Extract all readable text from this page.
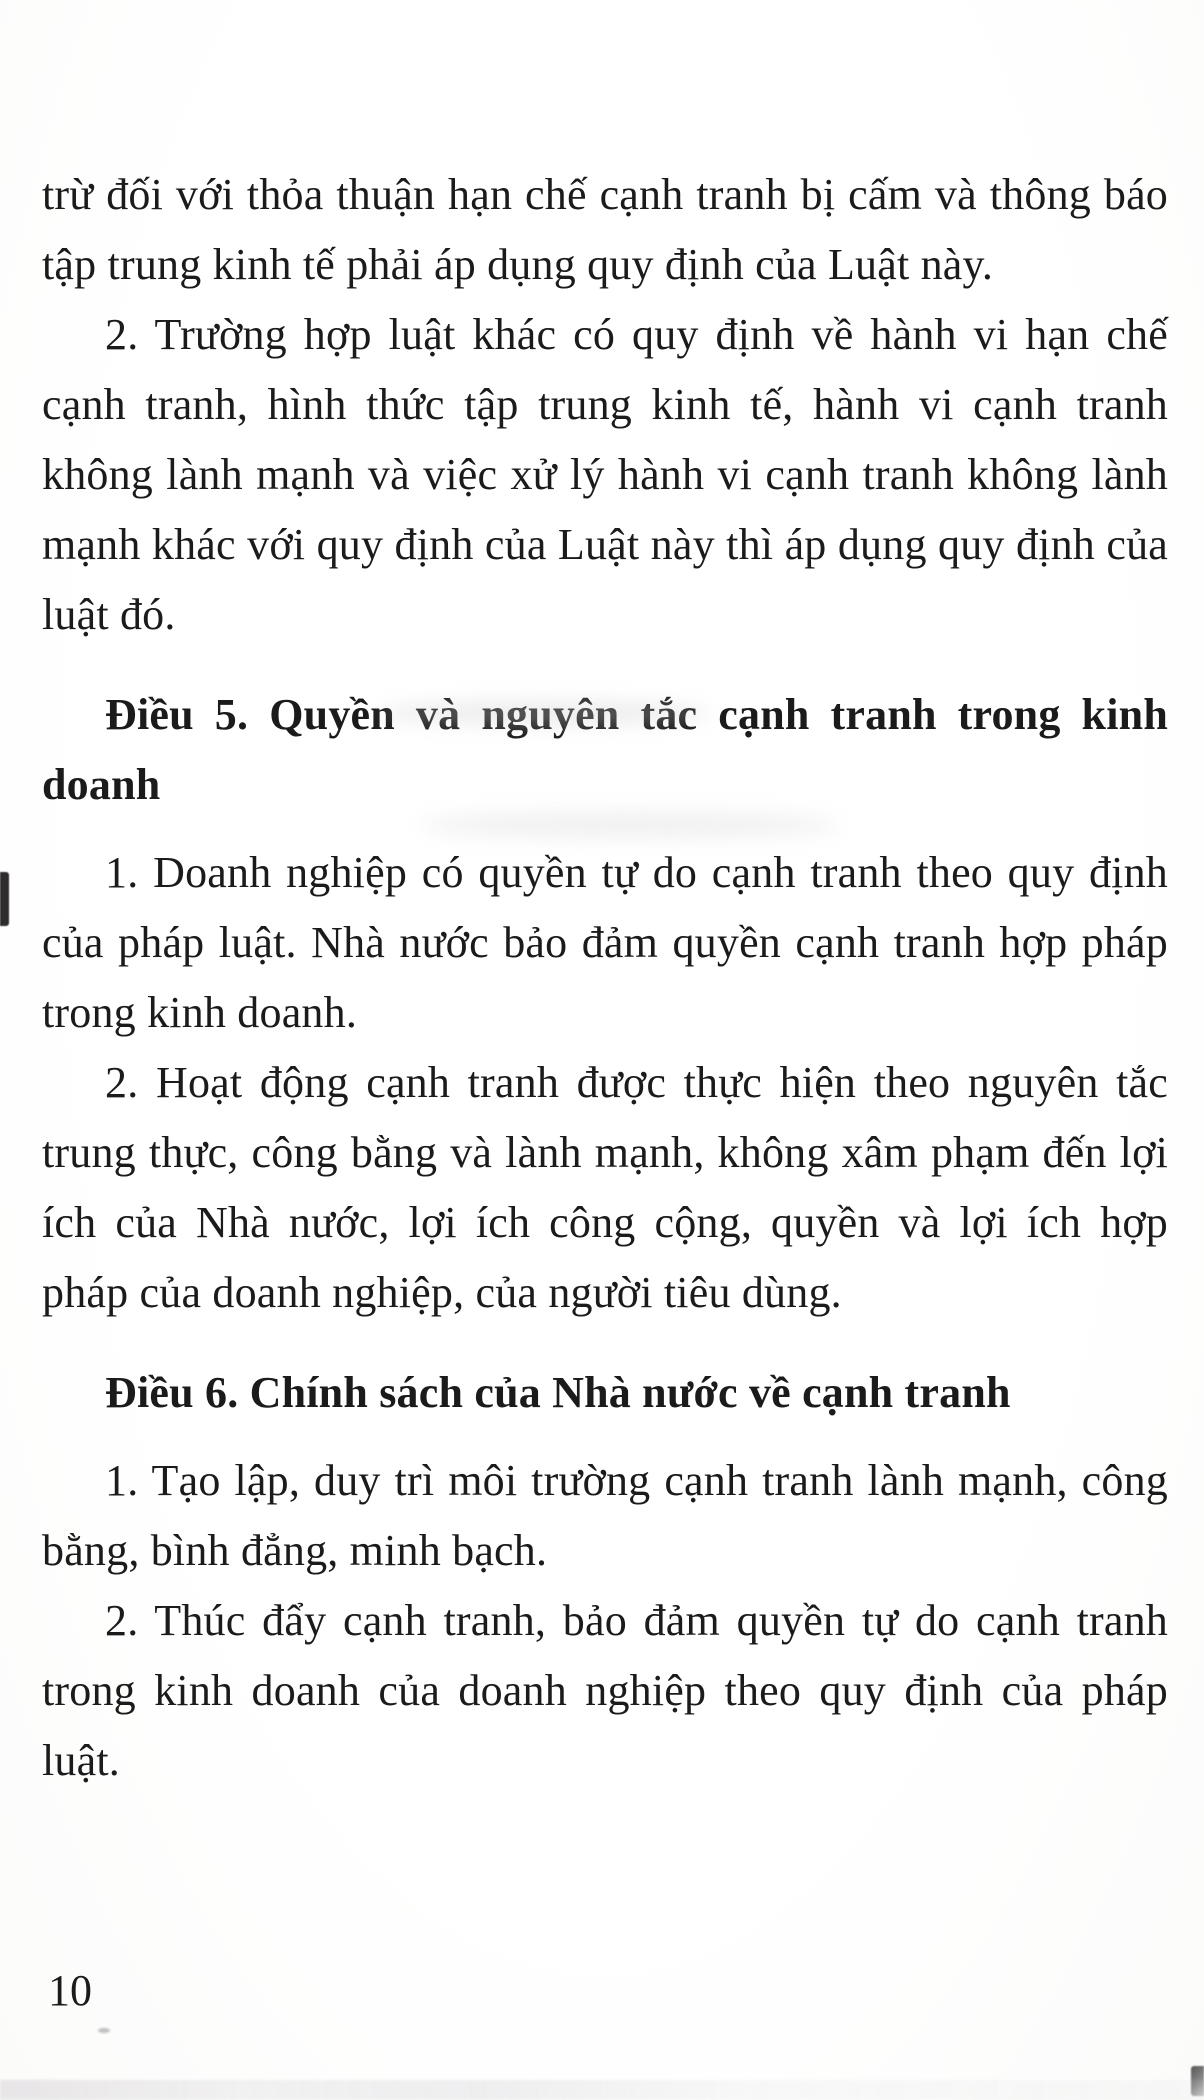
trừ đối với thỏa thuận hạn chế cạnh tranh bị cấm và thông báo tập trung kinh tế phải áp dụng quy định của Luật này.

2. Trường hợp luật khác có quy định về hành vi hạn chế cạnh tranh, hình thức tập trung kinh tế, hành vi cạnh tranh không lành mạnh và việc xử lý hành vi cạnh tranh không lành mạnh khác với quy định của Luật này thì áp dụng quy định của luật đó.

Điều 5. Quyền và nguyên tắc cạnh tranh trong kinh doanh

1. Doanh nghiệp có quyền tự do cạnh tranh theo quy định của pháp luật. Nhà nước bảo đảm quyền cạnh tranh hợp pháp trong kinh doanh.

2. Hoạt động cạnh tranh được thực hiện theo nguyên tắc trung thực, công bằng và lành mạnh, không xâm phạm đến lợi ích của Nhà nước, lợi ích công cộng, quyền và lợi ích hợp pháp của doanh nghiệp, của người tiêu dùng.

Điều 6. Chính sách của Nhà nước về cạnh tranh

1. Tạo lập, duy trì môi trường cạnh tranh lành mạnh, công bằng, bình đẳng, minh bạch.

2. Thúc đẩy cạnh tranh, bảo đảm quyền tự do cạnh tranh trong kinh doanh của doanh nghiệp theo quy định của pháp luật.

10
